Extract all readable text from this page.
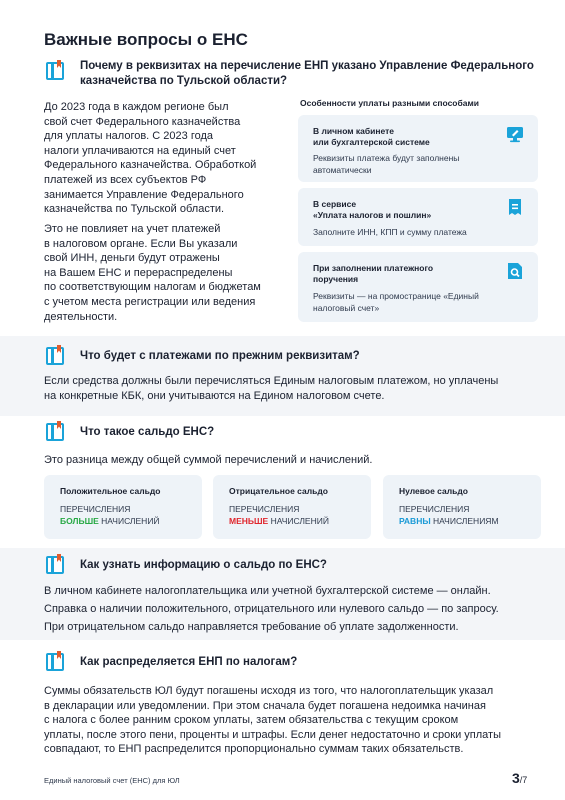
Важные вопросы о ЕНС
Почему в реквизитах на перечисление ЕНП указано Управление Федерального
казначейства по Тульской области?
До 2023 года в каждом регионе был
свой счет Федерального казначейства
для уплаты налогов. С 2023 года
налоги уплачиваются на единый счет
Федерального казначейства. Обработкой
платежей из всех субъектов РФ
занимается Управление Федерального
казначейства по Тульской области.
Это не повлияет на учет платежей
в налоговом органе. Если Вы указали
свой ИНН, деньги будут отражены
на Вашем ЕНС и перераспределены
по соответствующим налогам и бюджетам
с учетом места регистрации или ведения
деятельности.
Особенности уплаты разными способами
В личном кабинете
или бухгалтерской системе
Реквизиты платежа будут заполнены
автоматически
В сервисе
«Уплата налогов и пошлин»
Заполните ИНН, КПП и сумму платежа
При заполнении платежного
поручения
Реквизиты — на промостранице «Единый
налоговый счет»
Что будет с платежами по прежним реквизитам?
Если средства должны были перечисляться Единым налоговым платежом, но уплачены
на конкретные КБК, они учитываются на Едином налоговом счете.
Что такое сальдо ЕНС?
Это разница между общей суммой перечислений и начислений.
Положительное сальдо
ПЕРЕЧИСЛЕНИЯ
БОЛЬШЕ НАЧИСЛЕНИЙ
Отрицательное сальдо
ПЕРЕЧИСЛЕНИЯ
МЕНЬШЕ НАЧИСЛЕНИЙ
Нулевое сальдо
ПЕРЕЧИСЛЕНИЯ
РАВНЫ НАЧИСЛЕНИЯМ
Как узнать информацию о сальдо по ЕНС?
В личном кабинете налогоплательщика или учетной бухгалтерской системе — онлайн.
Справка о наличии положительного, отрицательного или нулевого сальдо — по запросу.
При отрицательном сальдо направляется требование об уплате задолженности.
Как распределяется ЕНП по налогам?
Суммы обязательств ЮЛ будут погашены исходя из того, что налогоплательщик указал
в декларации или уведомлении. При этом сначала будет погашена недоимка начиная
с налога с более ранним сроком уплаты, затем обязательства с текущим сроком
уплаты, после этого пени, проценты и штрафы. Если денег недостаточно и сроки уплаты
совпадают, то ЕНП распределится пропорционально суммам таких обязательств.
Единый налоговый счет (ЕНС) для ЮЛ	3/7
